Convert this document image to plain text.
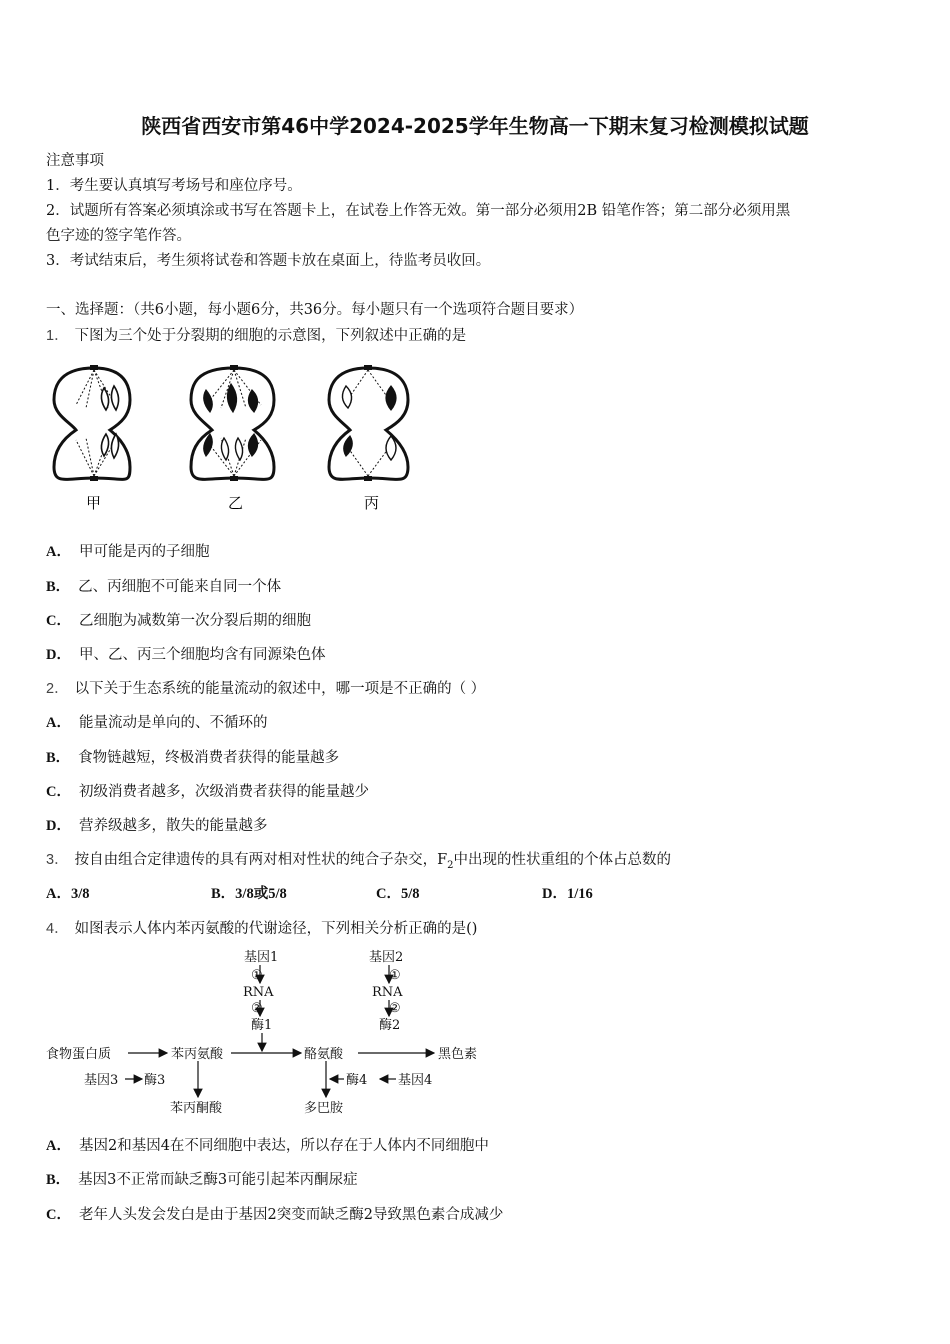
陕西省西安市第46中学2024-2025学年生物高一下期末复习检测模拟试题
注意事项
1．考生要认真填写考场号和座位序号。
2．试题所有答案必须填涂或书写在答题卡上，在试卷上作答无效。第一部分必须用2B 铅笔作答；第二部分必须用黑
色字迹的签字笔作答。
3．考试结束后，考生须将试卷和答题卡放在桌面上，待监考员收回。
一、选择题：（共6小题，每小题6分，共36分。每小题只有一个选项符合题目要求）
1． 下图为三个处于分裂期的细胞的示意图，下列叙述中正确的是
甲	乙	丙
A． 甲可能是丙的子细胞
B． 乙、丙细胞不可能来自同一个体
C． 乙细胞为减数第一次分裂后期的细胞
D． 甲、乙、丙三个细胞均含有同源染色体
2． 以下关于生态系统的能量流动的叙述中，哪一项是不正确的（ ）
A． 能量流动是单向的、不循环的
B． 食物链越短，终极消费者获得的能量越多
C． 初级消费者越多，次级消费者获得的能量越少
D． 营养级越多，散失的能量越多
3． 按自由组合定律遗传的具有两对相对性状的纯合子杂交，$F_2$中出现的性状重组的个体占总数的
A．3/8	B．3/8或5/8	C．5/8	D．1/16
4． 如图表示人体内苯丙氨酸的代谢途径，下列相关分析正确的是()
基因1
①
RNA
②
酶1
基因2
①
RNA
②
酶2
食物蛋白质	苯丙氨酸	酪氨酸	黑色素
基因3 酶3	酶4 基因4
苯丙酮酸	多巴胺
A． 基因2和基因4在不同细胞中表达，所以存在于人体内不同细胞中
B． 基因3不正常而缺乏酶3可能引起苯丙酮尿症
C． 老年人头发会发白是由于基因2突变而缺乏酶2导致黑色素合成减少
